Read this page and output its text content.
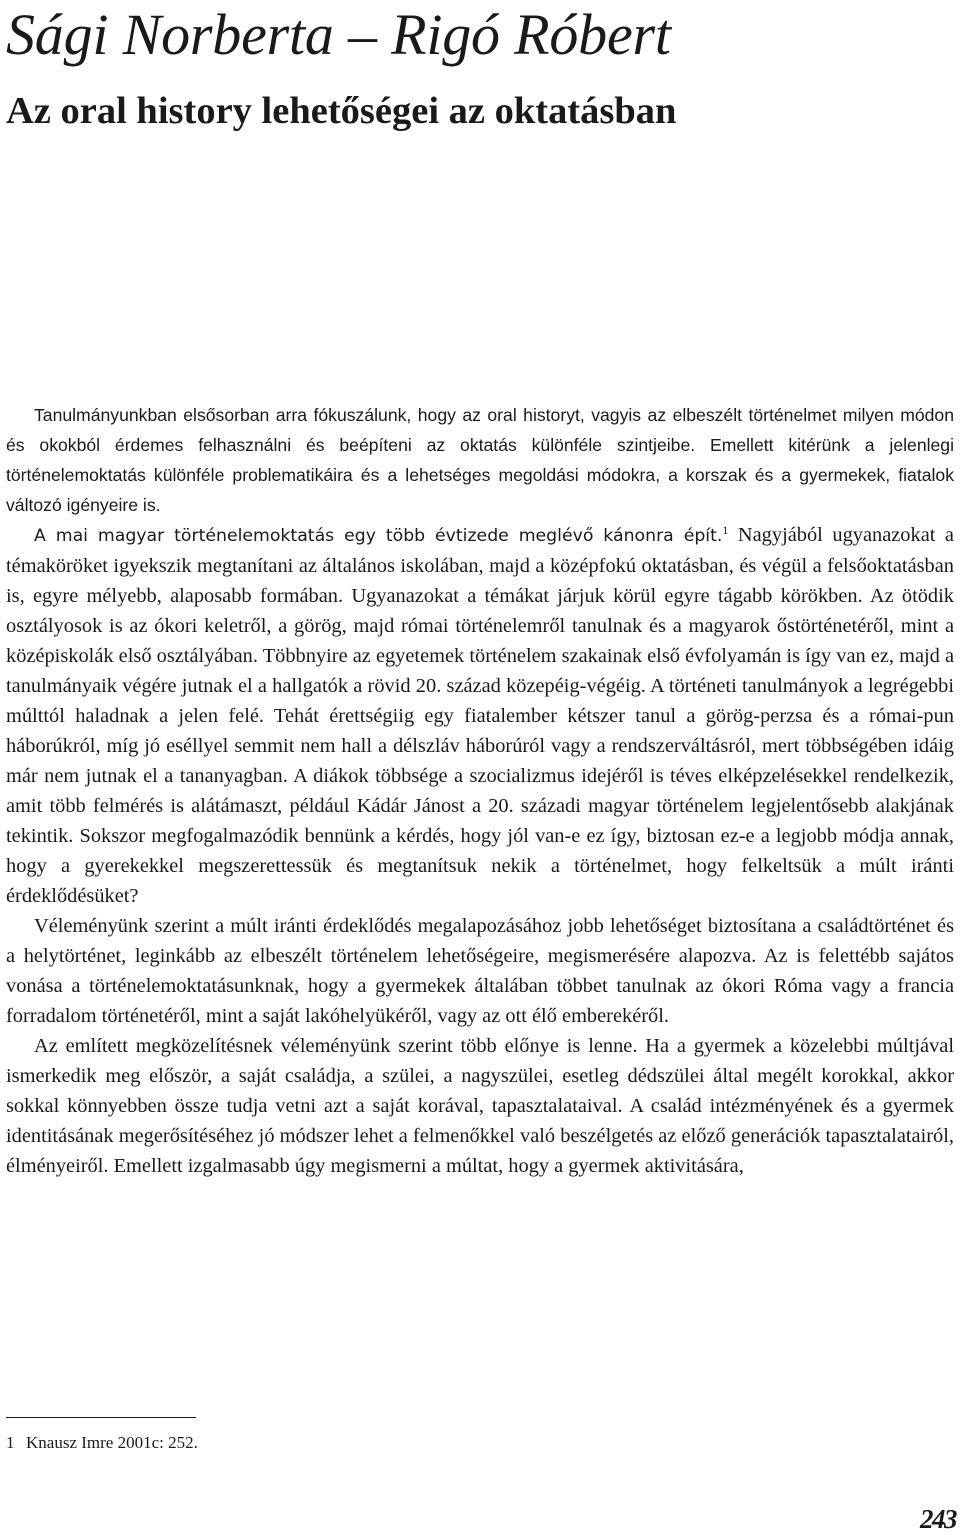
Sági Norberta – Rigó Róbert
Az oral history lehetőségei az oktatásban

Tanulmányunkban elsősorban arra fókuszálunk, hogy az oral historyt, vagyis az elbeszélt történelmet milyen módon és okokból érdemes felhasználni és beépíteni az oktatás különféle szintjeibe. Emellett kitérünk a jelenlegi történelemoktatás különféle problematikáira és a lehetséges megoldási módokra, a korszak és a gyermekek, fiatalok változó igényeire is.

A mai magyar történelemoktatás egy több évtizede meglévő kánonra épít.$^1$ Nagyjából ugyanazokat a témaköröket igyekszik megtanítani az általános iskolában, majd a középfokú oktatásban, és végül a felsőoktatásban is, egyre mélyebb, alaposabb formában. Ugyanazokat a témákat járjuk körül egyre tágabb körökben. Az ötödik osztályosok is az ókori keletről, a görög, majd római történelemről tanulnak és a magyarok őstörténetéről, mint a középiskolák első osztályában. Többnyire az egyetemek történelem szakainak első évfolyamán is így van ez, majd a tanulmányaik végére jutnak el a hallgatók a rövid 20. század közepéig-végéig. A történeti tanulmányok a legrégebbi múlttól haladnak a jelen felé. Tehát érettségiig egy fiatalember kétszer tanul a görög-perzsa és a római-pun háborúkról, míg jó eséllyel semmit nem hall a délszláv háborúról vagy a rendszerváltásról, mert többségében idáig már nem jutnak el a tananyagban. A diákok többsége a szocializmus idejéről is téves elképzelésekkel rendelkezik, amit több felmérés is alátámaszt, például Kádár Jánost a 20. századi magyar történelem legjelentősebb alakjának tekintik. Sokszor megfogalmazódik bennünk a kérdés, hogy jól van-e ez így, biztosan ez-e a legjobb módja annak, hogy a gyerekekkel megszerettessük és megtanítsuk nekik a történelmet, hogy felkeltsük a múlt iránti érdeklődésüket?

Véleményünk szerint a múlt iránti érdeklődés megalapozásához jobb lehetőséget biztosítana a családtörténet és a helytörténet, leginkább az elbeszélt történelem lehetőségeire, megismerésére alapozva. Az is felettébb sajátos vonása a történelemoktatásunknak, hogy a gyermekek általában többet tanulnak az ókori Róma vagy a francia forradalom történetéről, mint a saját lakóhelyükéről, vagy az ott élő emberekéről.

Az említett megközelítésnek véleményünk szerint több előnye is lenne. Ha a gyermek a közelebbi múltjával ismerkedik meg először, a saját családja, a szülei, a nagyszülei, esetleg dédszülei által megélt korokkal, akkor sokkal könnyebben össze tudja vetni azt a saját korával, tapasztalataival. A család intézményének és a gyermek identitásának megerősítéséhez jó módszer lehet a felmenőkkel való beszélgetés az előző generációk tapasztalatairól, élményeiről. Emellett izgalmasabb úgy megismerni a múltat, hogy a gyermek aktivitására,

1 Knausz Imre 2001c: 252.
243
